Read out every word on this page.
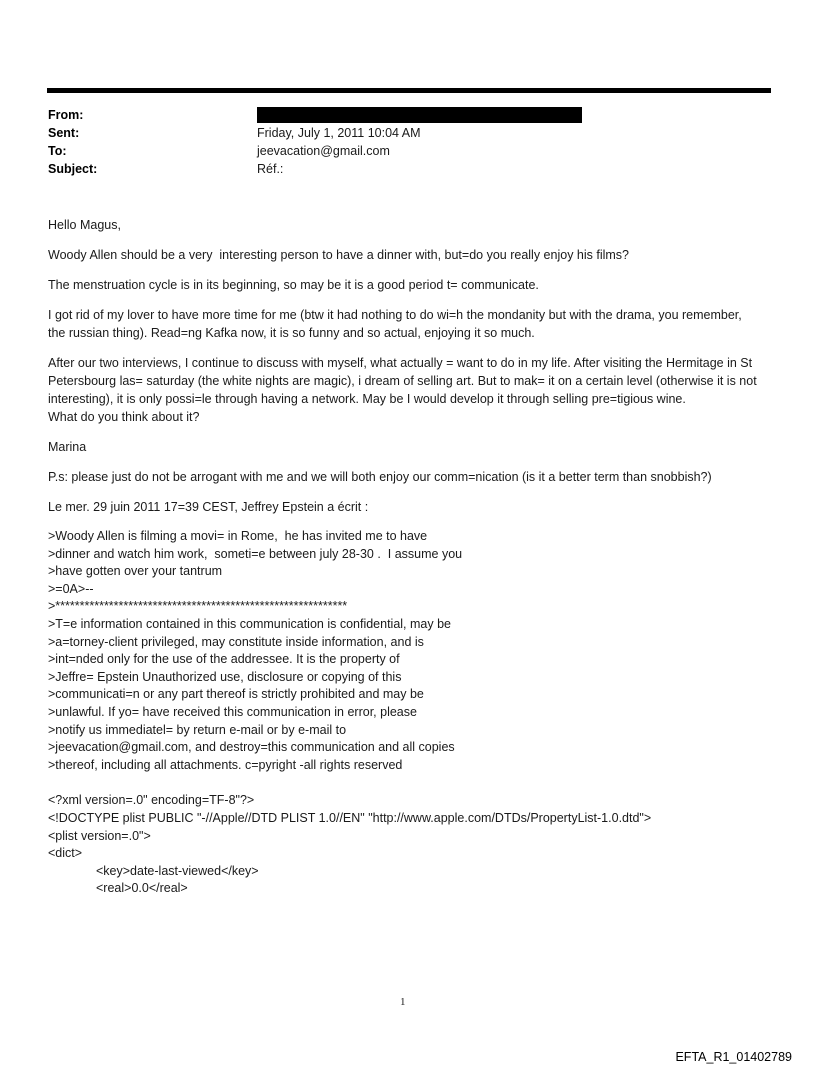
From:
Sent:	Friday, July 1, 2011 10:04 AM
To:	jeevacation@gmail.com
Subject:	Réf.:

Hello Magus,

Woody Allen should be a very  interesting person to have a dinner with, but=do you really enjoy his films?

The menstruation cycle is in its beginning, so may be it is a good period t= communicate.

I got rid of my lover to have more time for me (btw it had nothing to do wi=h the mondanity but with the drama, you remember, the russian thing). Read=ng Kafka now, it is so funny and so actual, enjoying it so much.

After our two interviews, I continue to discuss with myself, what actually = want to do in my life. After visiting the Hermitage in St Petersbourg las= saturday (the white nights are magic), i dream of selling art. But to mak= it on a certain level (otherwise it is not interesting), it is only possi=le through having a network. May be I would develop it through selling pre=tigious wine.

What do you think about it?

Marina

P.s: please just do not be arrogant with me and we will both enjoy our comm=nication (is it a better term than snobbish?)

Le mer. 29 juin 2011 17=39 CEST, Jeffrey Epstein a écrit :

>Woody Allen is filming a movi= in Rome,  he has invited me to have
>dinner and watch him work,  someti=e between july 28-30 .  I assume you
>have gotten over your tantrum
>=0A>--
>************************************************************
>T=e information contained in this communication is confidential, may be
>a=torney-client privileged, may constitute inside information, and is
>int=nded only for the use of the addressee. It is the property of
>Jeffre= Epstein Unauthorized use, disclosure or copying of this
>communicati=n or any part thereof is strictly prohibited and may be
>unlawful. If yo= have received this communication in error, please
>notify us immediatel= by return e-mail or by e-mail to
>jeevacation@gmail.com, and destroy=this communication and all copies
>thereof, including all attachments. c=pyright -all rights reserved
<?xml version=.0" encoding=TF-8"?>
<!DOCTYPE plist PUBLIC "-//Apple//DTD PLIST 1.0//EN" "http://www.apple.com/DTDs/PropertyList-1.0.dtd">
<plist version=.0">
<dict>
<key>date-last-viewed</key>
<real>0.0</real>
1
EFTA_R1_01402789
